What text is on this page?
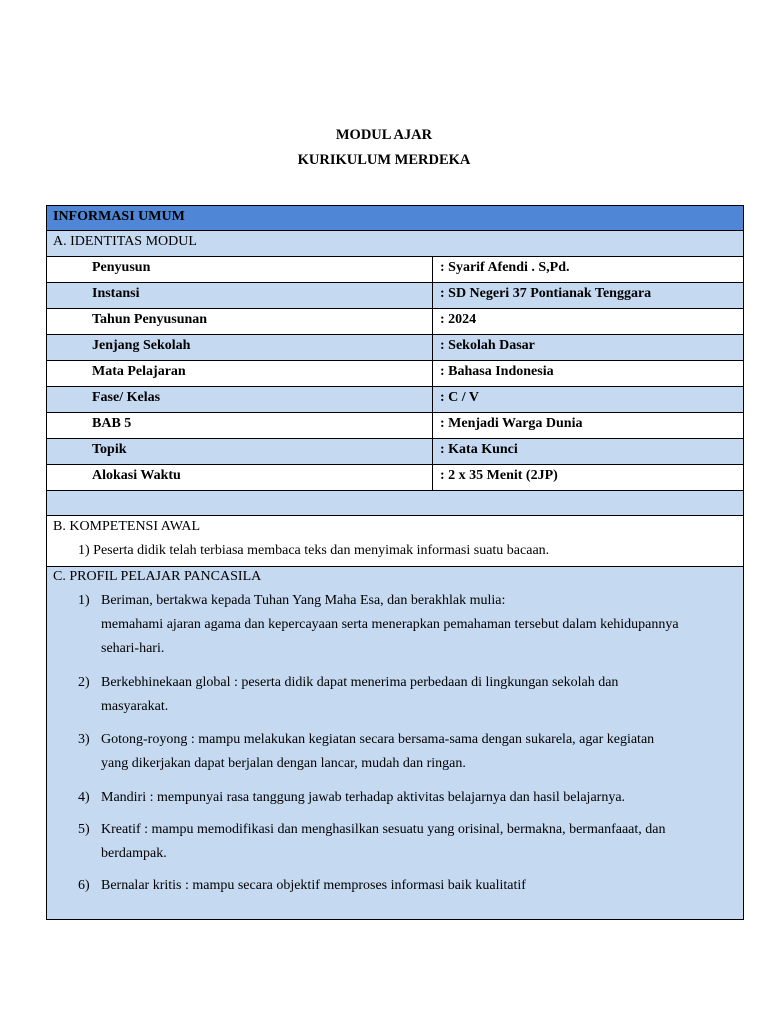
MODUL AJAR
KURIKULUM MERDEKA
INFORMASI UMUM
A. IDENTITAS MODUL
Penyusun	: Syarif Afendi . S,Pd.
Instansi	: SD Negeri 37 Pontianak Tenggara
Tahun Penyusunan	: 2024
Jenjang Sekolah	: Sekolah Dasar
Mata Pelajaran	: Bahasa Indonesia
Fase/ Kelas	: C / V
BAB 5	: Menjadi Warga Dunia
Topik	: Kata Kunci
Alokasi Waktu	: 2 x 35 Menit (2JP)
B. KOMPETENSI AWAL
1) Peserta didik telah terbiasa membaca teks dan menyimak informasi suatu bacaan.
C. PROFIL PELAJAR PANCASILA
1) Beriman, bertakwa kepada Tuhan Yang Maha Esa, dan berakhlak mulia:
memahami ajaran agama dan kepercayaan serta menerapkan pemahaman tersebut dalam kehidupannya
sehari-hari.
2) Berkebhinekaan global : peserta didik dapat menerima perbedaan di lingkungan sekolah dan
masyarakat.
3) Gotong-royong : mampu melakukan kegiatan secara bersama-sama dengan sukarela, agar kegiatan
yang dikerjakan dapat berjalan dengan lancar, mudah dan ringan.
4) Mandiri : mempunyai rasa tanggung jawab terhadap aktivitas belajarnya dan hasil belajarnya.
5) Kreatif : mampu memodifikasi dan menghasilkan sesuatu yang orisinal, bermakna, bermanfaaat, dan
berdampak.
6) Bernalar kritis : mampu secara objektif memproses informasi baik kualitatif
